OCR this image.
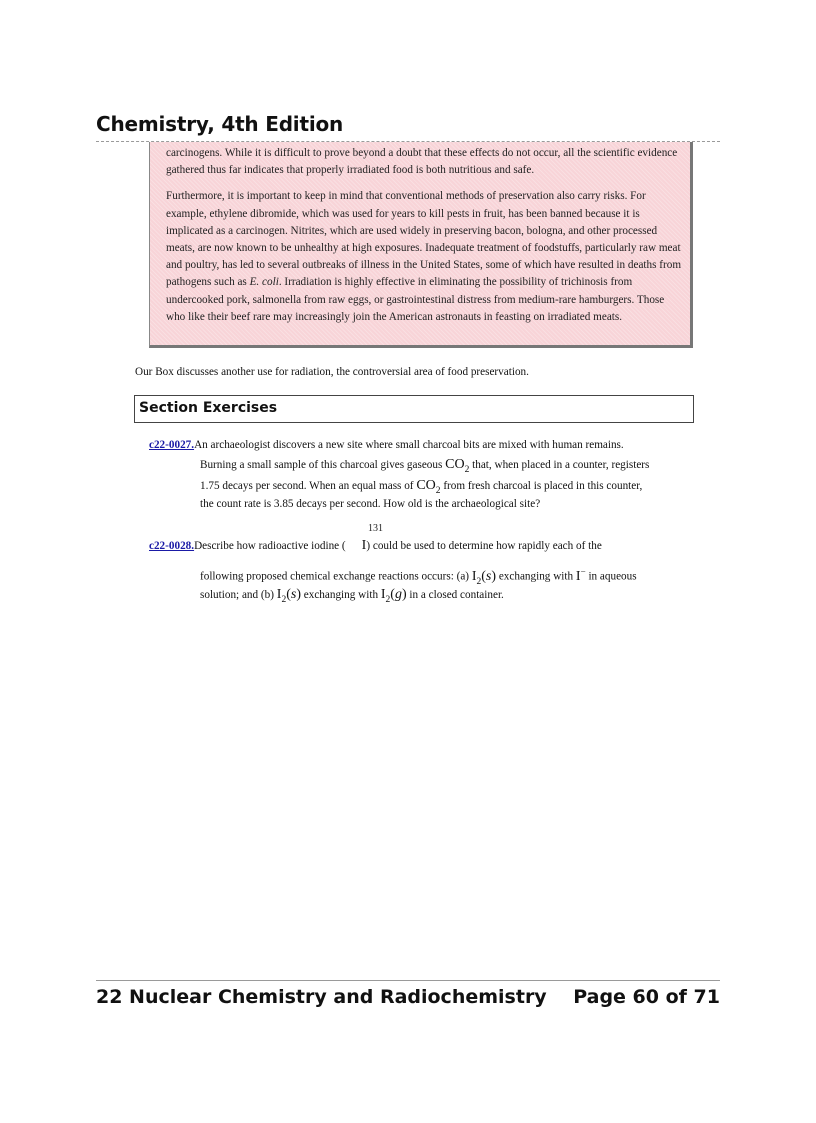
Chemistry, 4th Edition

carcinogens. While it is difficult to prove beyond a doubt that these effects do not occur, all the scientific evidence gathered thus far indicates that properly irradiated food is both nutritious and safe.

Furthermore, it is important to keep in mind that conventional methods of preservation also carry risks. For example, ethylene dibromide, which was used for years to kill pests in fruit, has been banned because it is implicated as a carcinogen. Nitrites, which are used widely in preserving bacon, bologna, and other processed meats, are now known to be unhealthy at high exposures. Inadequate treatment of foodstuffs, particularly raw meat and poultry, has led to several outbreaks of illness in the United States, some of which have resulted in deaths from pathogens such as E. coli. Irradiation is highly effective in eliminating the possibility of trichinosis from undercooked pork, salmonella from raw eggs, or gastrointestinal distress from medium-rare hamburgers. Those who like their beef rare may increasingly join the American astronauts in feasting on irradiated meats.

Our Box discusses another use for radiation, the controversial area of food preservation.
Section Exercises
c22-0027.An archaeologist discovers a new site where small charcoal bits are mixed with human remains.
Burning a small sample of this charcoal gives gaseous $CO_2$ that, when placed in a counter, registers
1.75 decays per second. When an equal mass of $CO_2$ from fresh charcoal is placed in this counter,
the count rate is 3.85 decays per second. How old is the archaeological site?
131
c22-0028.Describe how radioactive iodine ( I) could be used to determine how rapidly each of the
following proposed chemical exchange reactions occurs: (a) $I_2(s)$ exchanging with I− in aqueous
solution; and (b) $I_2(s)$ exchanging with $I_2(g)$ in a closed container.
22 Nuclear Chemistry and Radiochemistry Page 60 of 71
